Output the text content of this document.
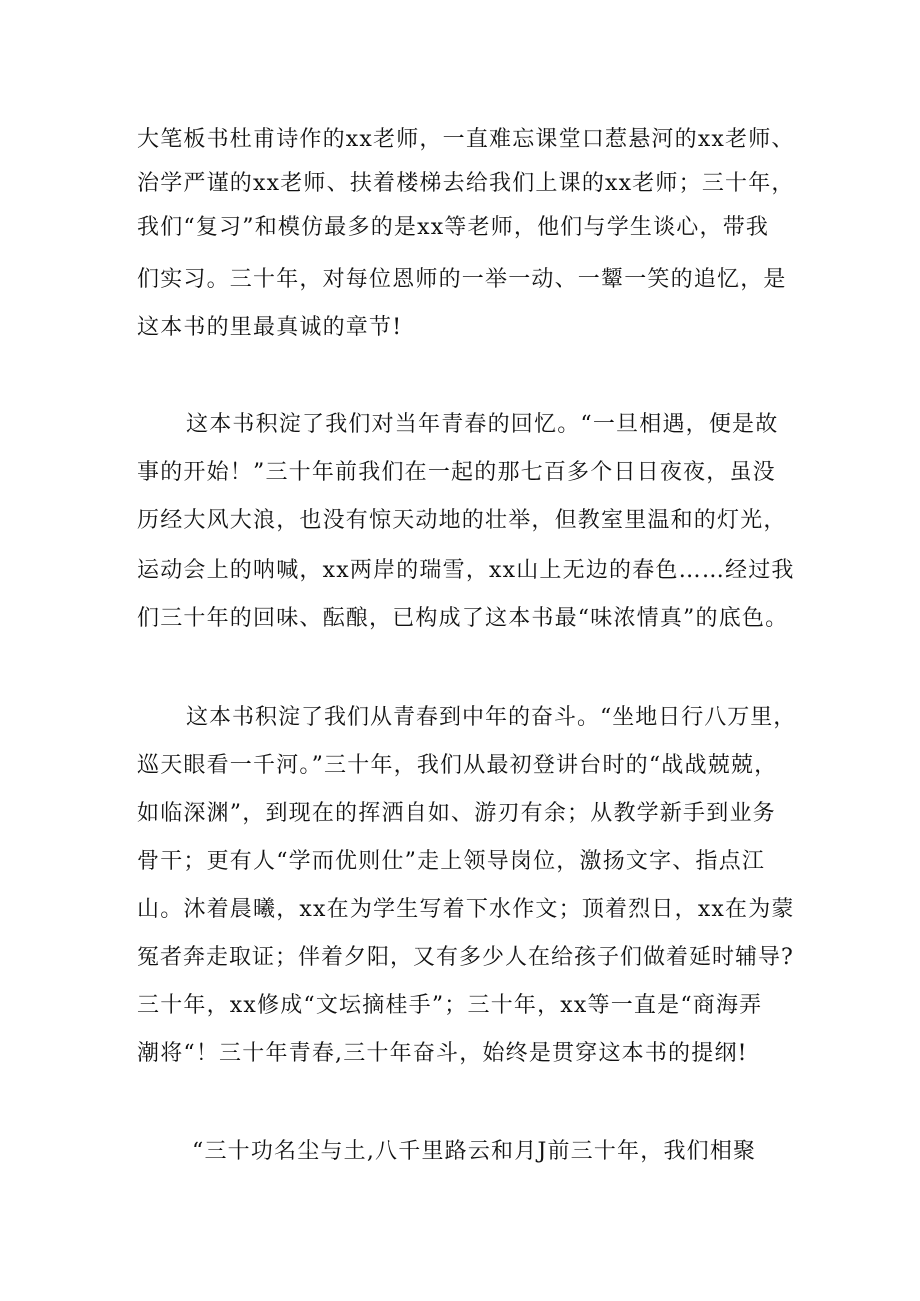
大笔板书杜甫诗作的xx老师，一直难忘课堂口惹悬河的xx老师、
治学严谨的xx老师、扶着楼梯去给我们上课的xx老师；三十年，
我们“复习”和模仿最多的是xx等老师，他们与学生谈心，带我
们实习。三十年，对每位恩师的一举一动、一颦一笑的追忆，是
这本书的里最真诚的章节!
这本书积淀了我们对当年青春的回忆。“一旦相遇，便是故
事的开始！”三十年前我们在一起的那七百多个日日夜夜，虽没
历经大风大浪，也没有惊天动地的壮举，但教室里温和的灯光，
运动会上的呐喊，xx两岸的瑞雪，xx山上无边的春色……经过我
们三十年的回味、酝酿，已构成了这本书最“味浓情真”的底色。
这本书积淀了我们从青春到中年的奋斗。“坐地日行八万里，
巡天眼看一千河。”三十年，我们从最初登讲台时的“战战兢兢，
如临深渊”，到现在的挥洒自如、游刃有余；从教学新手到业务
骨干；更有人“学而优则仕”走上领导岗位，激扬文字、指点江
山。沐着晨曦，xx在为学生写着下水作文；顶着烈日，xx在为蒙
冤者奔走取证；伴着夕阳，又有多少人在给孩子们做着延时辅导?
三十年，xx修成“文坛摘桂手”；三十年，xx等一直是“商海弄
潮将“！三十年青春,三十年奋斗，始终是贯穿这本书的提纲!
“三十功名尘与土,八千里路云和月J前三十年，我们相聚
